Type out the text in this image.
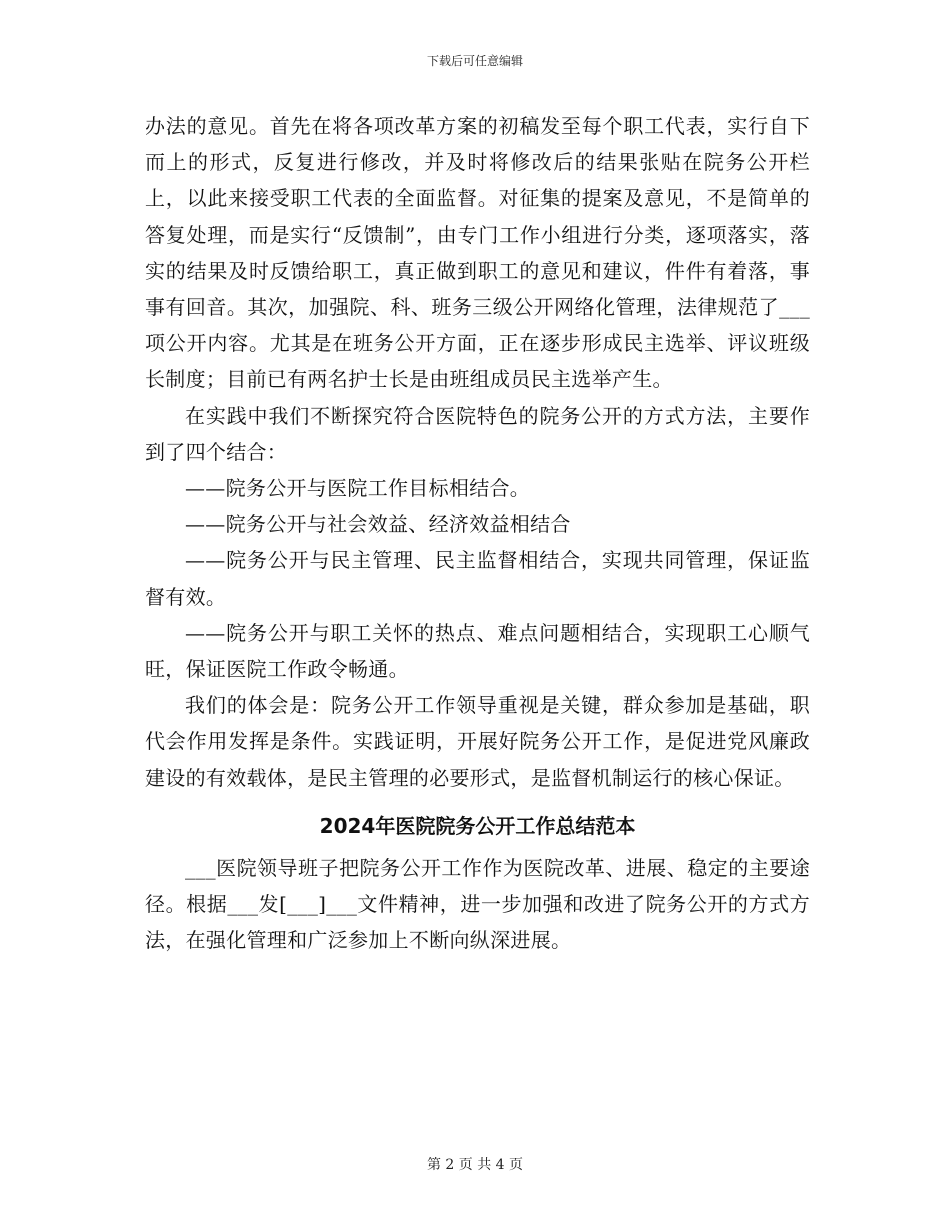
下载后可任意编辑

办法的意见。首先在将各项改革方案的初稿发至每个职工代表，实行自下而上的形式，反复进行修改，并及时将修改后的结果张贴在院务公开栏上，以此来接受职工代表的全面监督。对征集的提案及意见，不是简单的答复处理，而是实行“反馈制”，由专门工作小组进行分类，逐项落实，落实的结果及时反馈给职工，真正做到职工的意见和建议，件件有着落，事事有回音。其次，加强院、科、班务三级公开网络化管理，法律规范了___项公开内容。尤其是在班务公开方面，正在逐步形成民主选举、评议班级长制度；目前已有两名护士长是由班组成员民主选举产生。

在实践中我们不断探究符合医院特色的院务公开的方式方法，主要作到了四个结合：

——院务公开与医院工作目标相结合。

——院务公开与社会效益、经济效益相结合

——院务公开与民主管理、民主监督相结合，实现共同管理，保证监督有效。

——院务公开与职工关怀的热点、难点问题相结合，实现职工心顺气旺，保证医院工作政令畅通。

我们的体会是：院务公开工作领导重视是关键，群众参加是基础，职代会作用发挥是条件。实践证明，开展好院务公开工作，是促进党风廉政建设的有效载体，是民主管理的必要形式，是监督机制运行的核心保证。

2024年医院院务公开工作总结范本

___医院领导班子把院务公开工作作为医院改革、进展、稳定的主要途径。根据___发[___]___文件精神，进一步加强和改进了院务公开的方式方法，在强化管理和广泛参加上不断向纵深进展。

第 2 页 共 4 页
